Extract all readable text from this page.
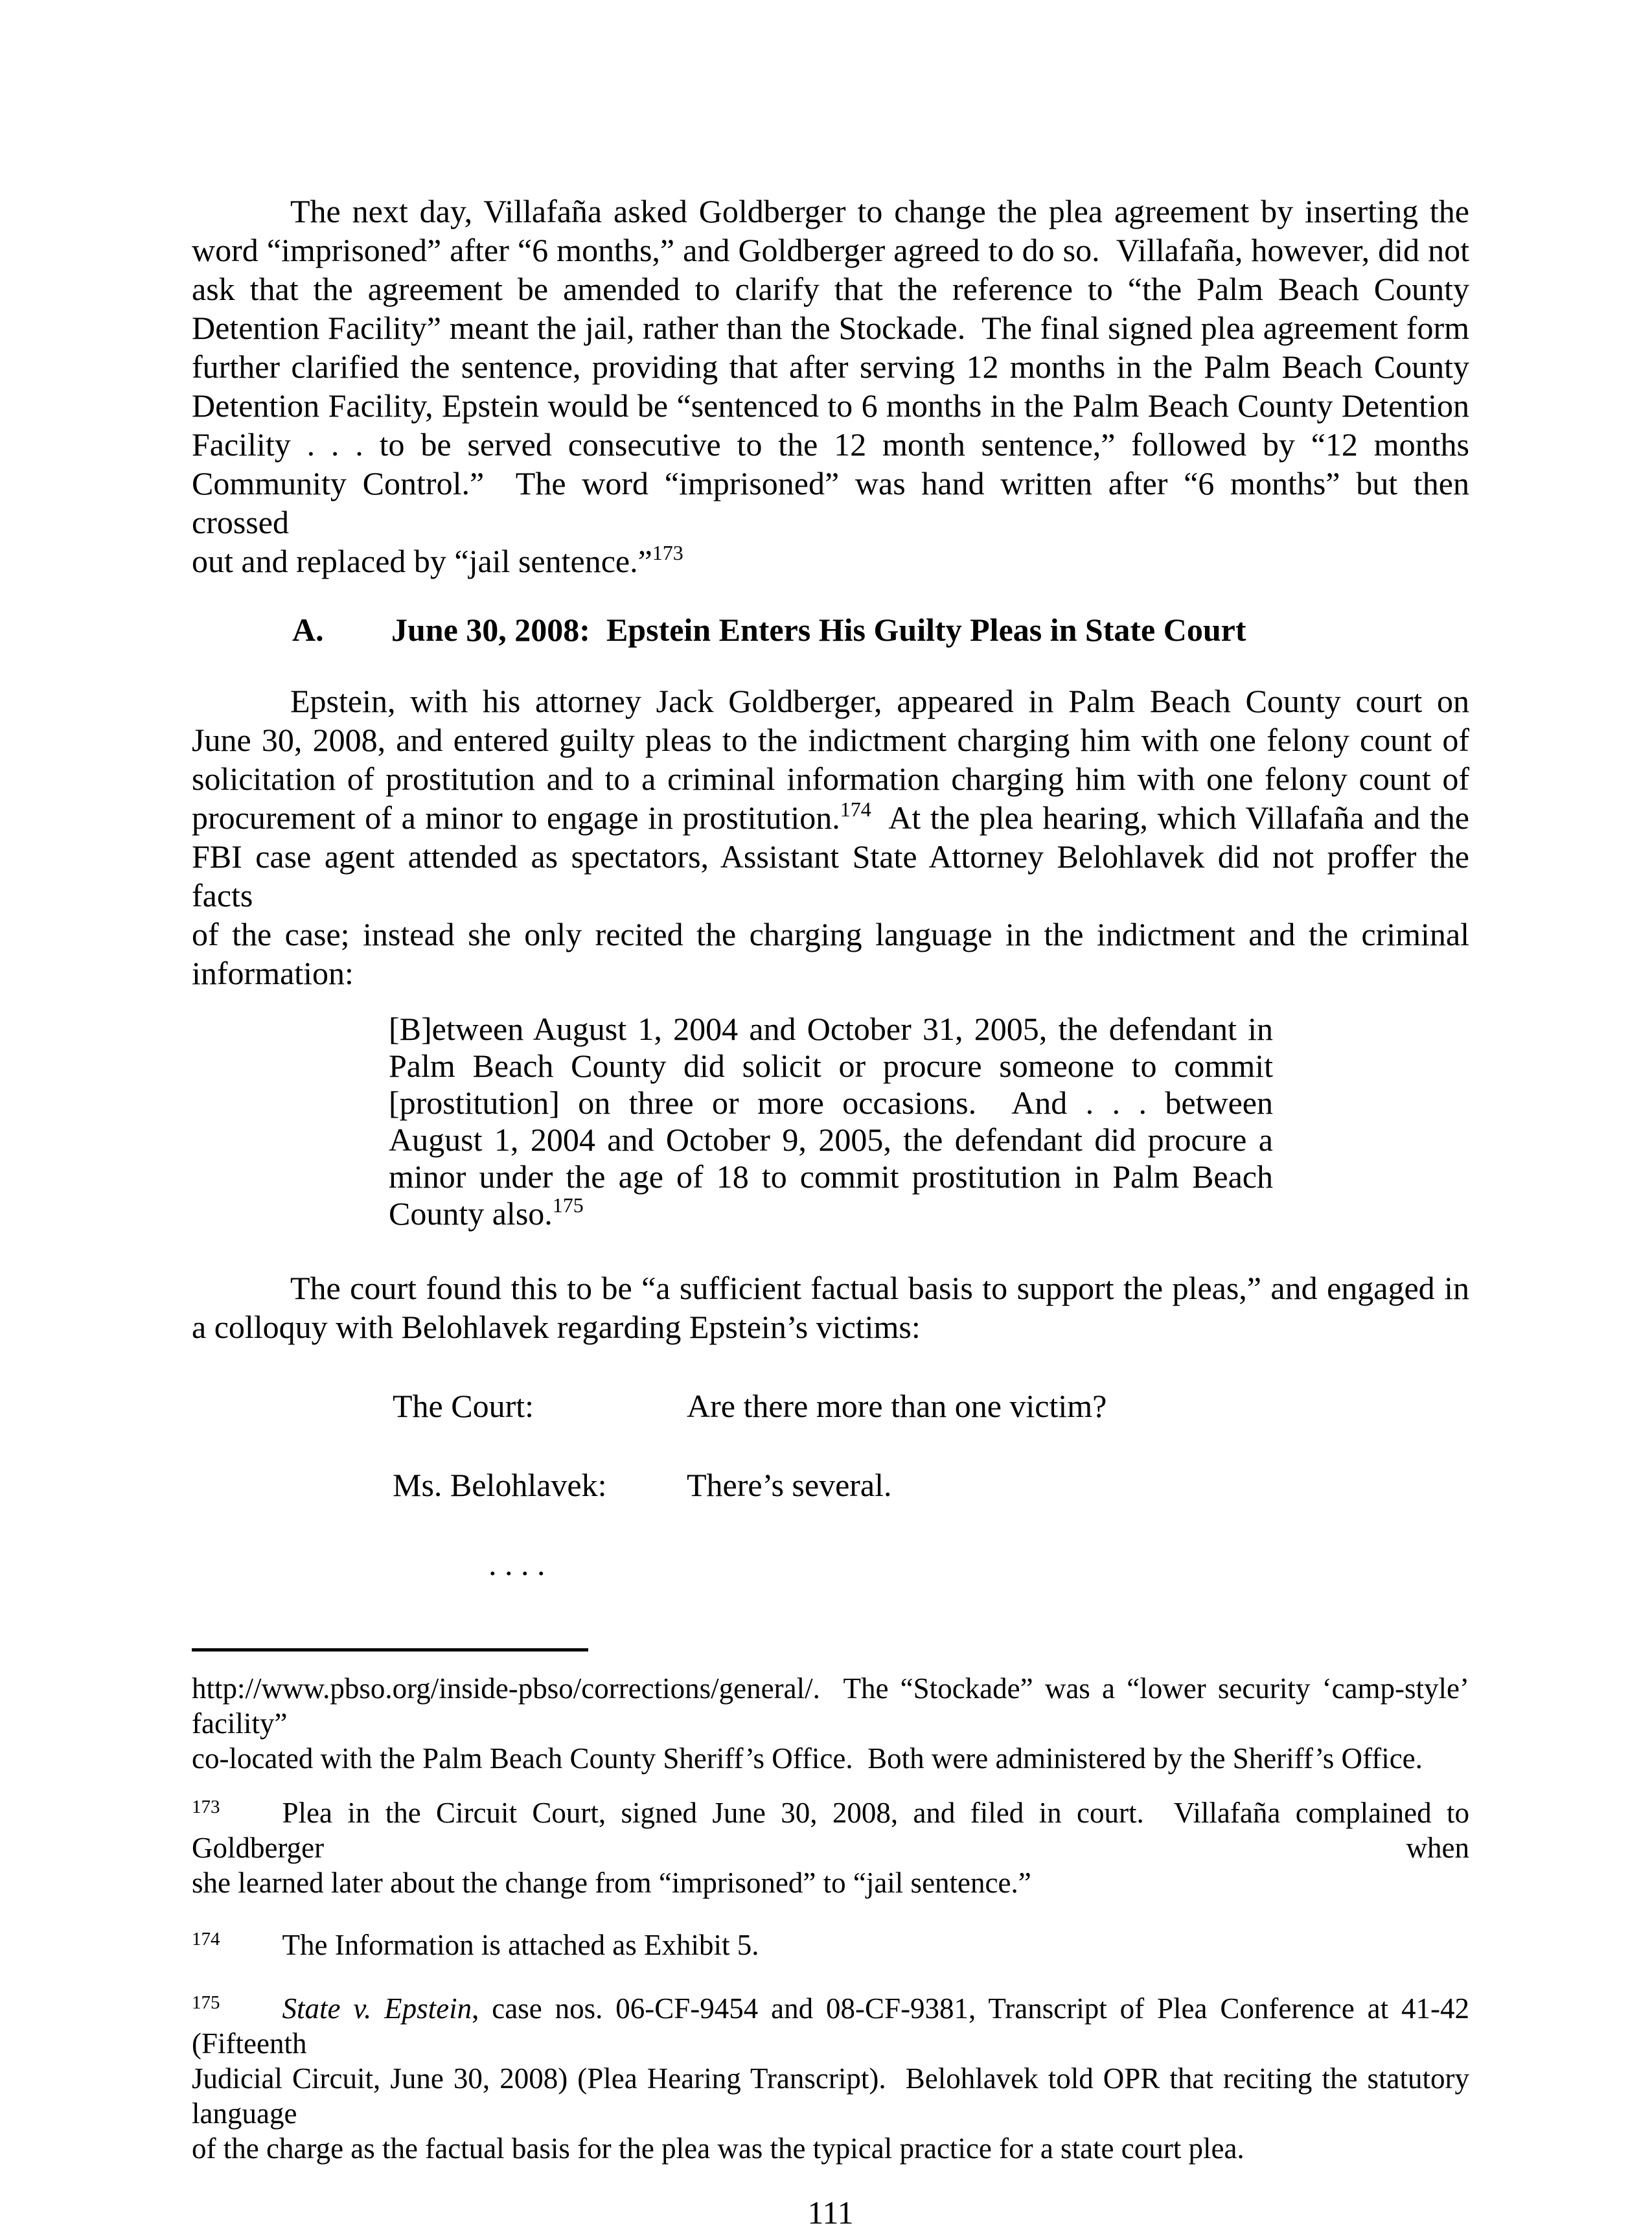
The next day, Villafaña asked Goldberger to change the plea agreement by inserting the
word “imprisoned” after “6 months,” and Goldberger agreed to do so.  Villafaña, however, did not
ask that the agreement be amended to clarify that the reference to “the Palm Beach County
Detention Facility” meant the jail, rather than the Stockade.  The final signed plea agreement form
further clarified the sentence, providing that after serving 12 months in the Palm Beach County
Detention Facility, Epstein would be “sentenced to 6 months in the Palm Beach County Detention
Facility . . . to be served consecutive to the 12 month sentence,” followed by “12 months
Community Control.”  The word “imprisoned” was hand written after “6 months” but then crossed
out and replaced by “jail sentence.”$^{173}$
A. June 30, 2008:  Epstein Enters His Guilty Pleas in State Court
Epstein, with his attorney Jack Goldberger, appeared in Palm Beach County court on
June 30, 2008, and entered guilty pleas to the indictment charging him with one felony count of
solicitation of prostitution and to a criminal information charging him with one felony count of
procurement of a minor to engage in prostitution.$^{174}$  At the plea hearing, which Villafaña and the
FBI case agent attended as spectators, Assistant State Attorney Belohlavek did not proffer the facts
of the case; instead she only recited the charging language in the indictment and the criminal
information:
[B]etween August 1, 2004 and October 31, 2005, the defendant in
Palm Beach County did solicit or procure someone to commit
[prostitution] on three or more occasions.  And . . . between
August 1, 2004 and October 9, 2005, the defendant did procure a
minor under the age of 18 to commit prostitution in Palm Beach
County also.$^{175}$
The court found this to be “a sufficient factual basis to support the pleas,” and engaged in
a colloquy with Belohlavek regarding Epstein’s victims:
The Court:	Are there more than one victim?
Ms. Belohlavek: There’s several.
. . . .
http://www.pbso.org/inside-pbso/corrections/general/.  The “Stockade” was a “lower security ‘camp-style’ facility”
co-located with the Palm Beach County Sheriff’s Office.  Both were administered by the Sheriff’s Office.
$^{173}$ Plea in the Circuit Court, signed June 30, 2008, and filed in court.  Villafaña complained to Goldberger when
she learned later about the change from “imprisoned” to “jail sentence.”
$^{174}$ The Information is attached as Exhibit 5.
$^{175}$ State v. Epstein, case nos. 06-CF-9454 and 08-CF-9381, Transcript of Plea Conference at 41-42 (Fifteenth
Judicial Circuit, June 30, 2008) (Plea Hearing Transcript).  Belohlavek told OPR that reciting the statutory language
of the charge as the factual basis for the plea was the typical practice for a state court plea.
111
